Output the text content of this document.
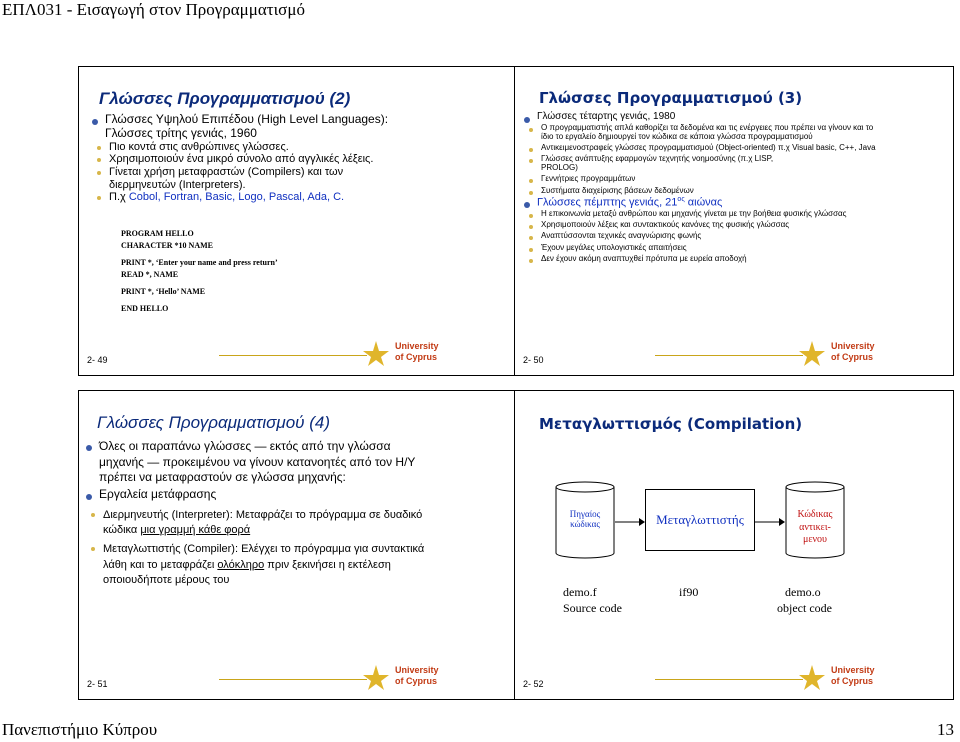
ΕΠΛ031 - Εισαγωγή στον Προγραμματισμό
Γλώσσες Προγραμματισμού (2)
Γλώσσες Υψηλού Επιπέδου (High Level Languages): Γλώσσες τρίτης γενιάς, 1960
Πιο κοντά στις ανθρώπινες γλώσσες.
Χρησιμοποιούν ένα μικρό σύνολο από αγγλικές λέξεις.
Γίνεται χρήση μεταφραστών (Compilers) και των διερμηνευτών (Interpreters).
Π.χ Cobol, Fortran, Basic, Logo, Pascal, Ada, C.
PROGRAM HELLO
CHARACTER *10 NAME
PRINT *, ‘Enter your name and press return’
READ *, NAME
PRINT *, ‘Hello’ NAME
END HELLO
2- 49
University
of Cyprus
Γλώσσες Προγραμματισμού (3)
Γλώσσες τέταρτης γενιάς, 1980
Ο προγραμματιστής απλά καθορίζει τα δεδομένα και τις ενέργειες που πρέπει να γίνουν και το ίδιο το εργαλείο δημιουργεί τον κώδικα σε κάποια γλώσσα προγραμματισμού
Αντικειμενοστραφείς γλώσσες προγραμματισμού (Object-oriented) π.χ Visual basic, C++, Java
Γλώσσες ανάπτυξης εφαρμογών τεχνητής νοημοσύνης (π.χ LISP, PROLOG)
Γεννήτριες προγραμμάτων
Συστήματα διαχείρισης βάσεων δεδομένων
Γλώσσες πέμπτης γενιάς, $21^{o\varsigma}$ αιώνας
Η επικοινωνία μεταξύ ανθρώπου και μηχανής γίνεται με την βοήθεια φυσικής γλώσσας
Χρησιμοποιούν λέξεις και συντακτικούς κανόνες της φυσικής γλώσσας
Αναπτύσσονται τεχνικές αναγνώρισης φωνής
Έχουν μεγάλες υπολογιστικές απαιτήσεις
Δεν έχουν ακόμη αναπτυχθεί πρότυπα με ευρεία αποδοχή
2- 50
University
of Cyprus
Γλώσσες Προγραμματισμού (4)
Όλες οι παραπάνω γλώσσες — εκτός από την γλώσσα μηχανής — προκειμένου να γίνουν κατανοητές από τον Η/Υ πρέπει να μεταφραστούν σε γλώσσα μηχανής:
Εργαλεία μετάφρασης
Διερμηνευτής (Interpreter): Μεταφράζει το πρόγραμμα σε δυαδικό κώδικα μια γραμμή κάθε φορά
Μεταγλωττιστής (Compiler): Ελέγχει το πρόγραμμα για συντακτικά λάθη και το μεταφράζει ολόκληρο πριν ξεκινήσει η εκτέλεση οποιουδήποτε μέρους του
2- 51
University
of Cyprus
Μεταγλωττισμός (Compilation)
Πηγαίος κώδικας	Μεταγλωττιστής	Κώδικας αντικει-μενου
demo.f
Source code
if90	demo.o
object code
2- 52
University
of Cyprus
Πανεπιστήμιο Κύπρου	13
